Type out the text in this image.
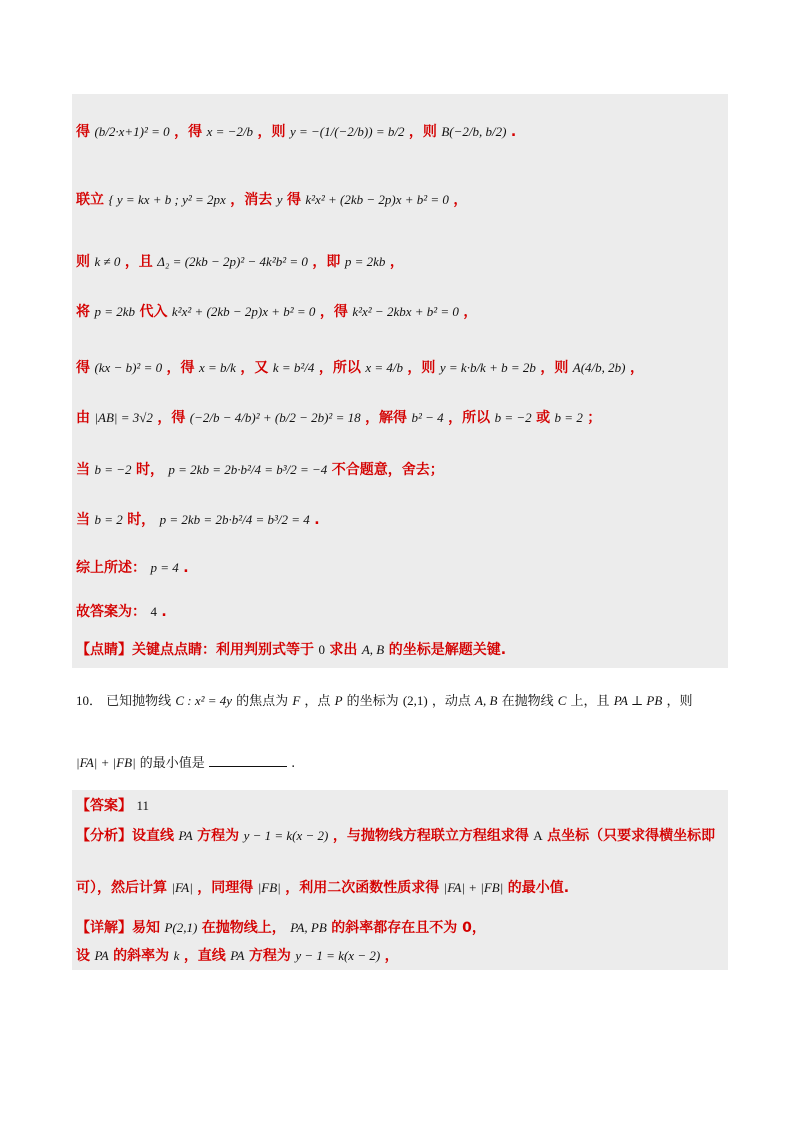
得 (b/2·x+1)² = 0 ，得 x = −2/b ，则 y = −(1/(−2/b)) = b/2 ，则 B(−2/b, b/2) .
联立 { y = kx + b ; y² = 2px ，消去 y 得 k²x² + (2kb − 2p)x + b² = 0 ，
则 k ≠ 0 ，且 Δ₂ = (2kb − 2p)² − 4k²b² = 0 ，即 p = 2kb ，
将 p = 2kb 代入 k²x² + (2kb − 2p)x + b² = 0 ，得 k²x² − 2kbx + b² = 0 ，
得 (kx − b)² = 0 ，得 x = b/k ，又 k = b²/4 ，所以 x = 4/b ，则 y = k·b/k + b = 2b ，则 A(4/b, 2b) ，
由 |AB| = 3√2 ，得 (−2/b − 4/b)² + (b/2 − 2b)² = 18 ，解得 b² − 4 ，所以 b = −2 或 b = 2 ；
当 b = −2 时， p = 2kb = 2b·b²/4 = b³/2 = −4 不合题意，舍去；
当 b = 2 时， p = 2kb = 2b·b²/4 = b³/2 = 4 .
综上所述： p = 4 .
故答案为： 4 .
【点睛】关键点点睛：利用判别式等于 0 求出 A, B 的坐标是解题关键.
10． 已知抛物线 C : x² = 4y 的焦点为 F ，点 P 的坐标为 (2,1) ，动点 A, B 在抛物线 C 上，且 PA ⊥ PB ，则
|FA| + |FB| 的最小值是	.
【答案】 11
【分析】设直线 PA 方程为 y − 1 = k(x − 2) ，与抛物线方程联立方程组求得 A 点坐标（只要求得横坐标即
可），然后计算 |FA| ，同理得 |FB| ，利用二次函数性质求得 |FA| + |FB| 的最小值.
【详解】易知 P(2,1) 在抛物线上， PA, PB 的斜率都存在且不为 0，
设 PA 的斜率为 k ，直线 PA 方程为 y − 1 = k(x − 2) ，
